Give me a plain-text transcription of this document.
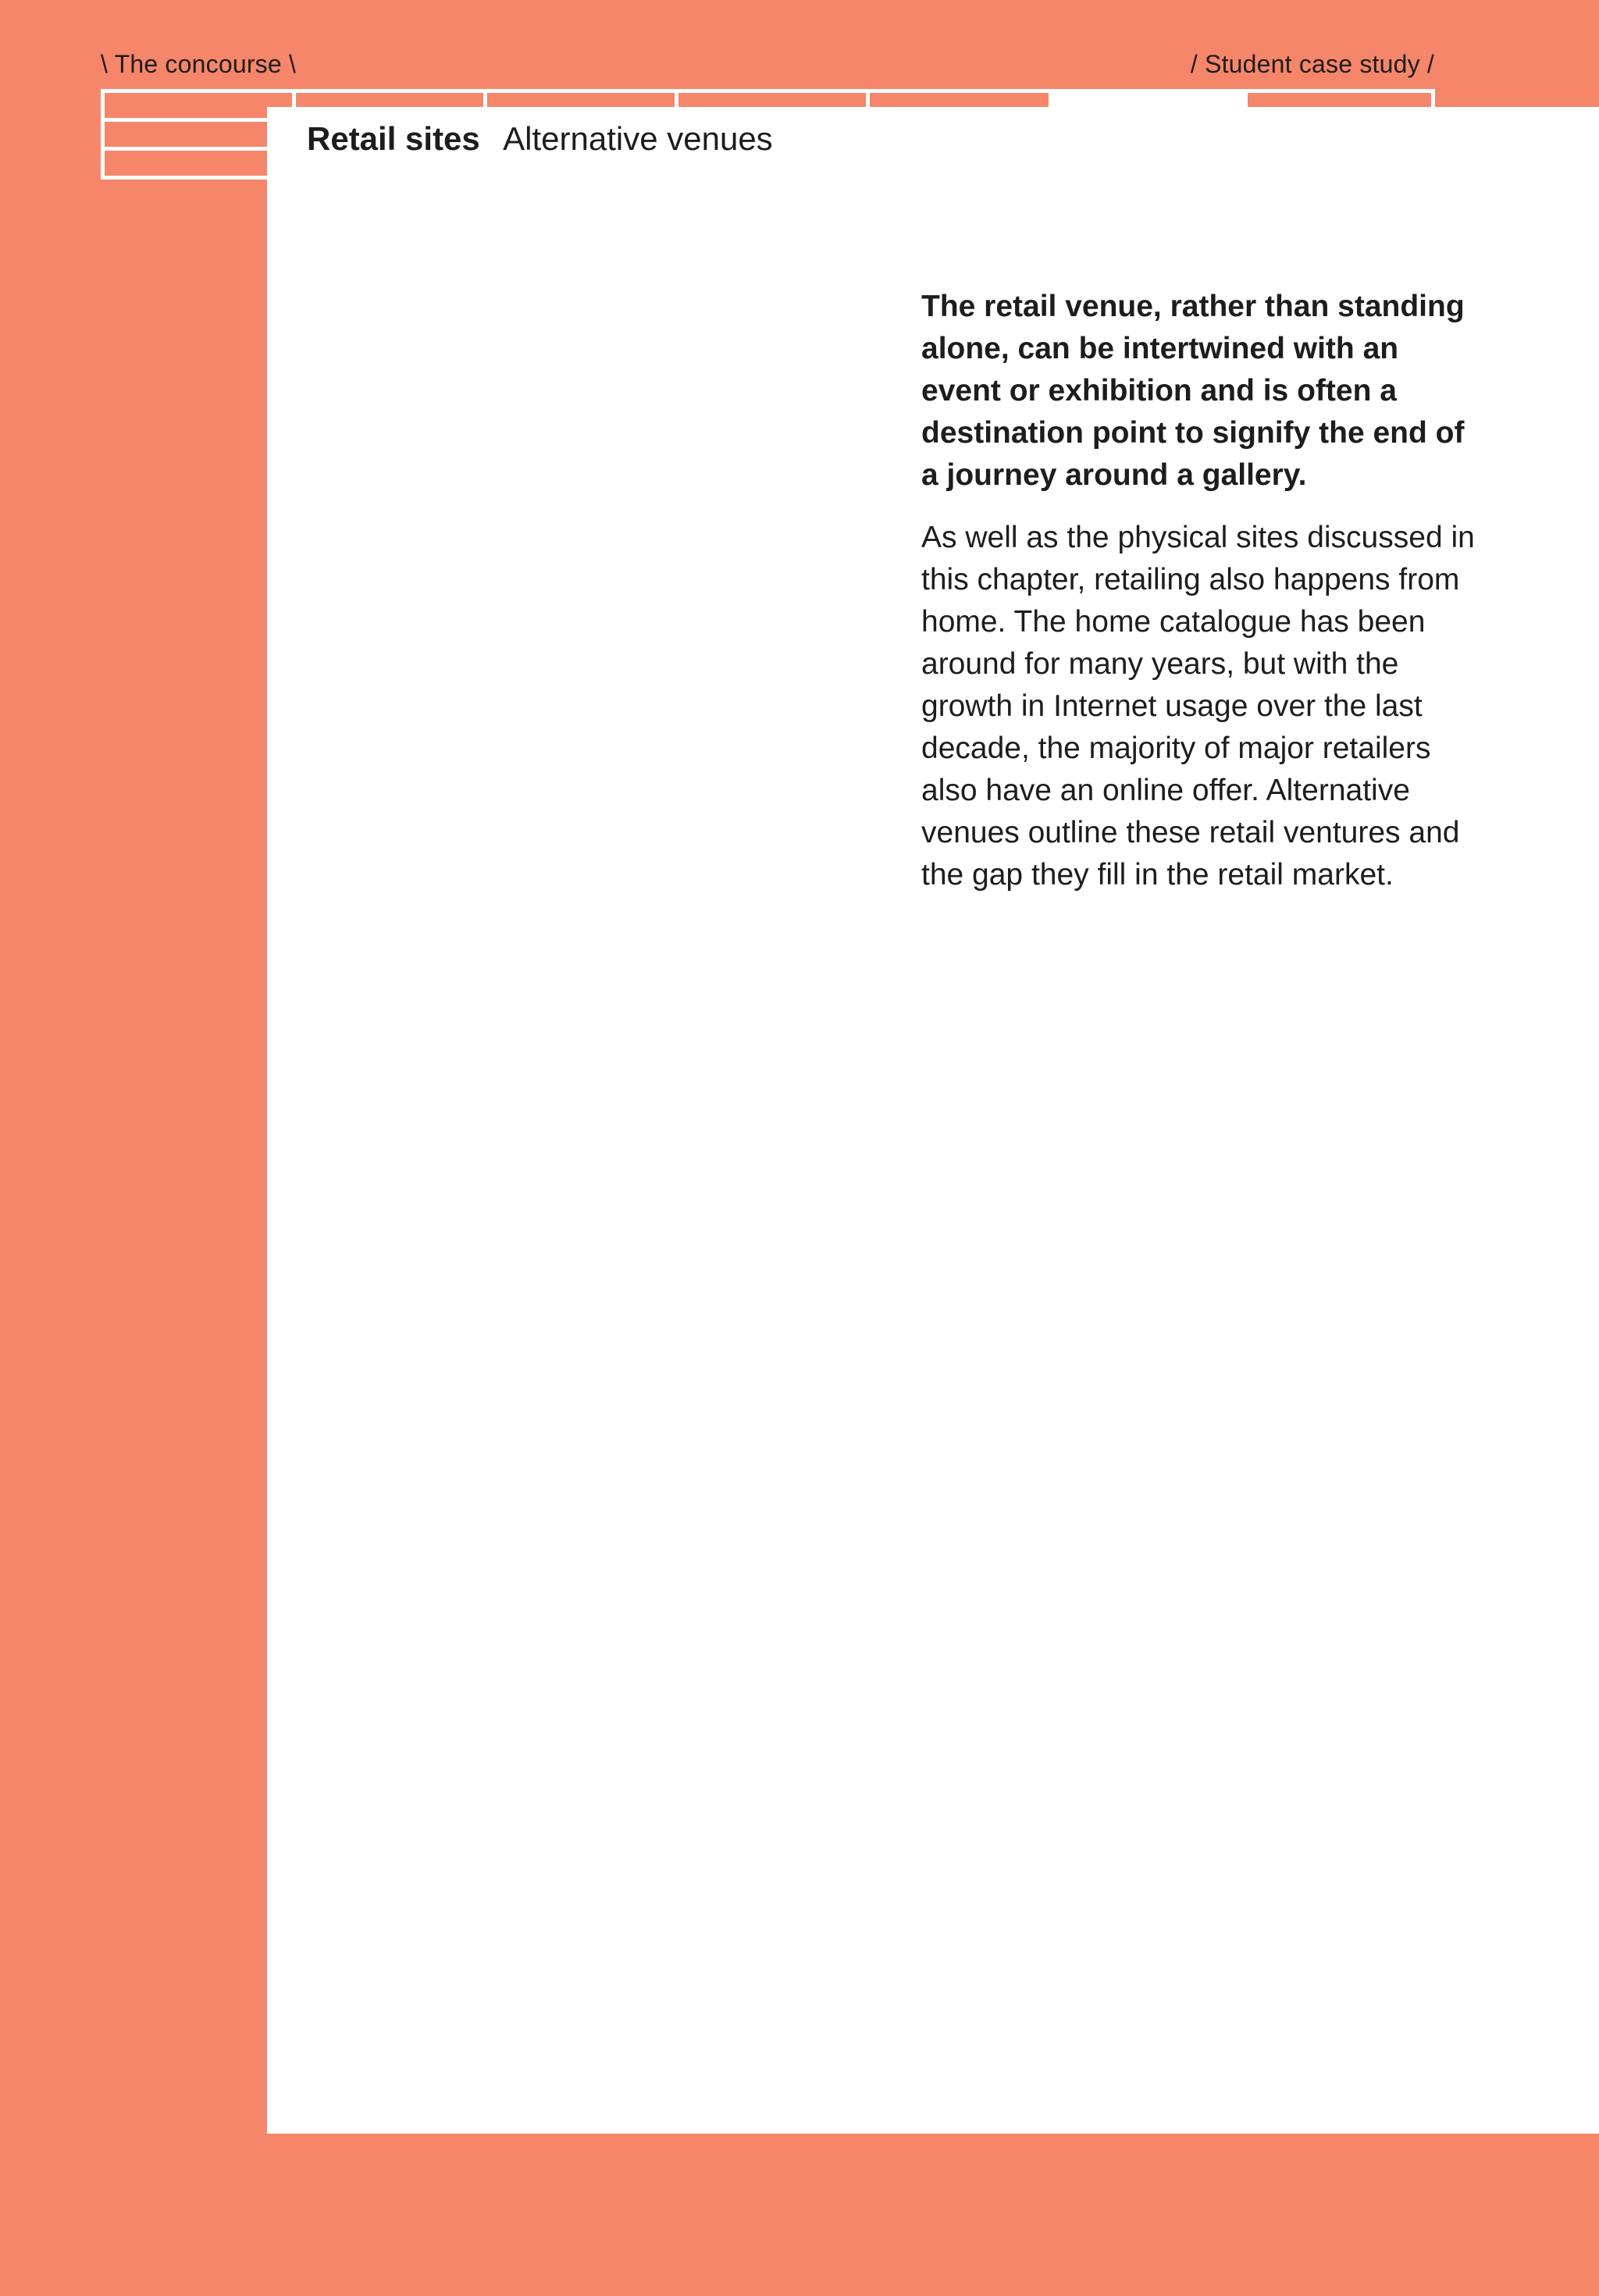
\ The concourse \	/ Student case study /
Retail sites Alternative venues

The retail venue, rather than standing alone, can be intertwined with an event or exhibition and is often a destination point to signify the end of a journey around a gallery.

As well as the physical sites discussed in this chapter, retailing also happens from home. The home catalogue has been around for many years, but with the growth in Internet usage over the last decade, the majority of major retailers also have an online offer. Alternative venues outline these retail ventures and the gap they fill in the retail market.
